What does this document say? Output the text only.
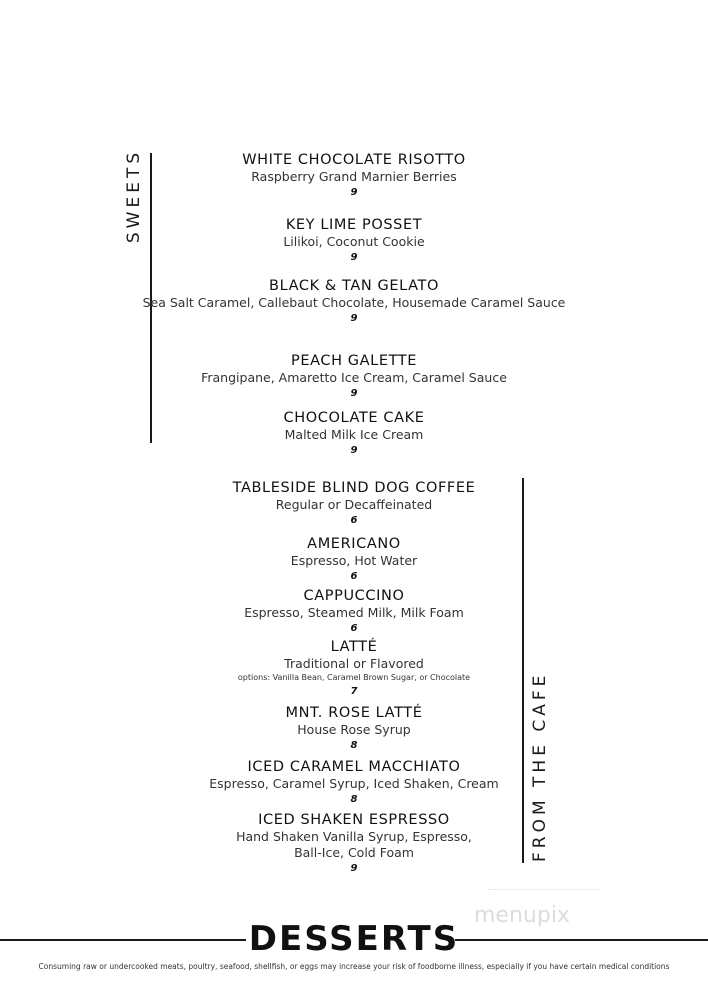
SWEETS
FROM THE CAFE
WHITE CHOCOLATE RISOTTO
Raspberry Grand Marnier Berries
9
KEY LIME POSSET
Lilikoi, Coconut Cookie
9
BLACK & TAN GELATO
Sea Salt Caramel, Callebaut Chocolate, Housemade Caramel Sauce
9
PEACH GALETTE
Frangipane, Amaretto Ice Cream, Caramel Sauce
9
CHOCOLATE CAKE
Malted Milk Ice Cream
9
TABLESIDE BLIND DOG COFFEE
Regular or Decaffeinated
6
AMERICANO
Espresso, Hot Water
6
CAPPUCCINO
Espresso, Steamed Milk, Milk Foam
6
LATTÉ
Traditional or Flavored
options: Vanilla Bean, Caramel Brown Sugar, or Chocolate
7
MNT. ROSE LATTÉ
House Rose Syrup
8
ICED CARAMEL MACCHIATO
Espresso, Caramel Syrup, Iced Shaken, Cream
8
ICED SHAKEN ESPRESSO
Hand Shaken Vanilla Syrup, Espresso,
Ball-Ice, Cold Foam
9
menupix
DESSERTS
Consuming raw or undercooked meats, poultry, seafood, shellfish, or eggs may increase your risk of foodborne illness, especially if you have certain medical conditions
